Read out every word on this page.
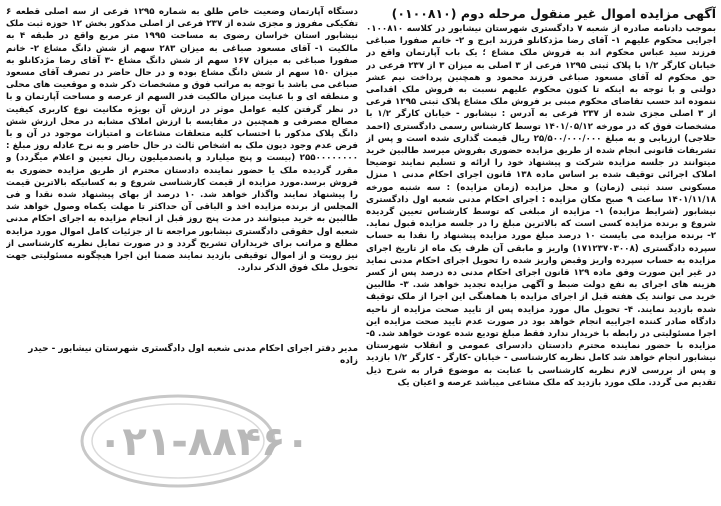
آگهی مزایده اموال غیر منقول مرحله دوم (۰۱۰۰۸۱۰)

بموجب دادنامه صادره از شعبه ۷ دادگستری شهرستان نیشابور در کلاسه ۰۱۰۰۸۱۰ اجرایی محکوم علیهم ۱- آقای رضا مژدکانلو فرزند ابرج و ۲- خانم صفورا صباغی فرزند سید عباس محکوم اند به فروش ملک مشاع ؛ یک باب آپارتمان واقع در خیابان کارگر ۱/۲ با پلاک ثبتی ۱۲۹۵ فرعی از ۳ اصلی به میزان ۳ از ۲۳۷ فرعی در حق محکوم له آقای مسعود صباغی فرزند محمود و همچنین پرداخت نیم عشر دولتی و با توجه به اینکه تا کنون محکوم علیهم نسبت به فروش ملک اقدامی ننموده اند حسب تقاضای محکوم مبنی بر فروش ملک مشاع پلاک ثبتی ۱۲۹۵ فرعی از ۳ اصلی مجزی شده از ۲۳۷ فرعی به آدرس : نیشابور - خیابان کارگر ۱/۲ با مشخصات فوق که در مورخه ۱۴۰۱/۰۵/۱۲ توسط کارشناس رسمی دادگستری (احمد حلاجی) ارزیابی و به مبلغ ۲۵/۵۰۰/۰۰۰/۰۰۰ ریال قیمت گذاری شده است و پس از تشریفات قانونی انجام شده از طریق مزایده حضوری بفروش میرسد طالبین خرید میتوانند در جلسه مزایده شرکت و پیشنهاد خود را ارائه و تسلیم نمایند توضیحا املاک اجرائی توقیف شده بر اساس ماده ۱۳۸ قانون اجرای احکام مدنی ۱ منزل مسکونی سند ثبتی (زمان) و محل مزایده (زمان مزایده) : سه شنبه مورخه ۱۴۰۱/۱۱/۱۸ ساعت ۹ صبح مکان مزایده : اجرای احکام مدنی شعبه اول دادگستری نیشابور (شرایط مزایده) ۱- مزایده از مبلغی که توسط کارشناس تعیین گردیده شروع و برنده مزایده کسی است که بالاترین مبلغ را در جلسه مزایده قبول نماید. ۲- برنده مزایده می بایست ۱۰ درصد مبلغ مورد مزایده پیشنهاد را نقدا به حساب سپرده دادگستری (۱۷۱۲۳۷۰۳۰۰۸) واریز و مابقی آن ظرف یک ماه از تاریخ اجرای مزایده به حساب سپرده واریز وقبض واریز شده را تحویل اجرای احکام مدنی نماید در غیر این صورت وفق ماده ۱۲۹ قانون اجرای احکام مدنی ده درصد پس از کسر هزینه های اجرای به نفع دولت ضبط و آگهی مزایده تجدید خواهد شد. ۳- طالبین خرید می توانند یک هفته قبل از اجرای مزایده با هماهنگی این اجرا از ملک توقیف شده بازدید نمایند. ۴- تحویل مال مورد مزایده پس از تایید صحت مزایده از ناحیه دادگاه صادر کننده اجراییه انجام خواهد بود در صورت عدم تایید صحت مزایده این اجرا مسئولیتی در رابطه با خریدار ندارد فقط مبلغ تودیع شده عودت خواهد شد. ۵- مزایده با حضور نماینده محترم دادستان دادسرای عمومی و انقلاب شهرستان نیشابور انجام خواهد شد کامل نظریه کارشناسی - خیابان -کارگر - کارگر ۱/۲ بازدید و پس از بررسی لازم نظریه کارشناسی با عنایت به موضوع قرار به شرح ذیل تقدیم می گردد. ملک مورد بازدید که ملک مشاعی میباشد عرصه و اعیان یک

دستگاه آپارتمان وضعیت خاص طلق به شماره ۱۲۹۵ فرعی از سه اصلی قطعه ۶ تفکیکی مفروز و مجزی شده از ۲۳۷ فرعی از اصلی مذکور بخش ۱۲ حوزه ثبت ملک نیشابور استان خراسان رضوی به مساحت ۱۹۹۵ متر مربع واقع در طبقه ۴ به مالکیت ۱- آقای مسعود صباغی به میزان ۲۸۳ سهم از شش دانگ مشاع ۲- خانم صفورا صباغی به میزان ۱۶۷ سهم از شش دانگ مشاع -۳ آقای رضا مژدکانلو به میزان ۱۵۰ سهم از شش دانگ مشاع بوده و در حال حاضر در تصرف آقای مسعود صباغی می باشد با توجه به مراتب فوق و مشخصات ذکر شده و موقعیت های محلی و منطقه ای و با عنایت میزان مالکیت فدر السهم از عرصه و مساحت آپارتمان و با در نظر گرفتن کلیه عوامل موثر در ارزش آن بویژه مکانیت نوع کاربری کیفیت مصالح مصرفی و همچنین در مقایسه با ارزش املاک مشابه در محل ارزش شش دانگ پلاک مذکور با احتساب کلیه متعلقات مشاعات و امتیازات موجود در آن و با فرض عدم وجود دیون ملک به اشخاص ثالث در حال حاضر و به نرخ عادله روز مبلغ : ۲۵۵۰۰۰۰۰۰۰۰ (بیست و پنج میلیارد و پانصدمیلیون ریال تعیین و اعلام میگردد) و مقرر گردیده ملک یا حضور نماینده دادستان محترم از طریق مزایده حضوری به فروش برسد.مورد مزایده از قیمت کارشناسی شروع و به کسانیکه بالاترین قیمت را پیشنهاد نمایند واگذار خواهد شد. ۱۰ درصد از بهای پیشنهاد شده نقدا و فی المجلس از برنده مزایده اخذ و الباقی آن حداکثر تا مهلت یکماه وصول خواهد شد طالبین به خرید میتوانند در مدت پنج روز قبل از انجام مزایده به اجرای احکام مدنی شعبه اول حقوقی دادگستری نیشابور مراجعه تا از جزئیات کامل اموال مورد مزایده مطلع و مراتب برای خریداران تشریح گردد و در صورت تمایل نظریه کارشناسی از نیز رویت و از اموال توقیفی بازدید نمایند ضمنا این اجرا هیچگونه مسئولیتی جهت تحویل ملک فوق الذکر ندارد.

مدیر دفتر اجرای احکام مدنی شعبه اول دادگستری شهرستان نیشابور - حیدر زاده
۰۲۱-۸۸۴۶۰
